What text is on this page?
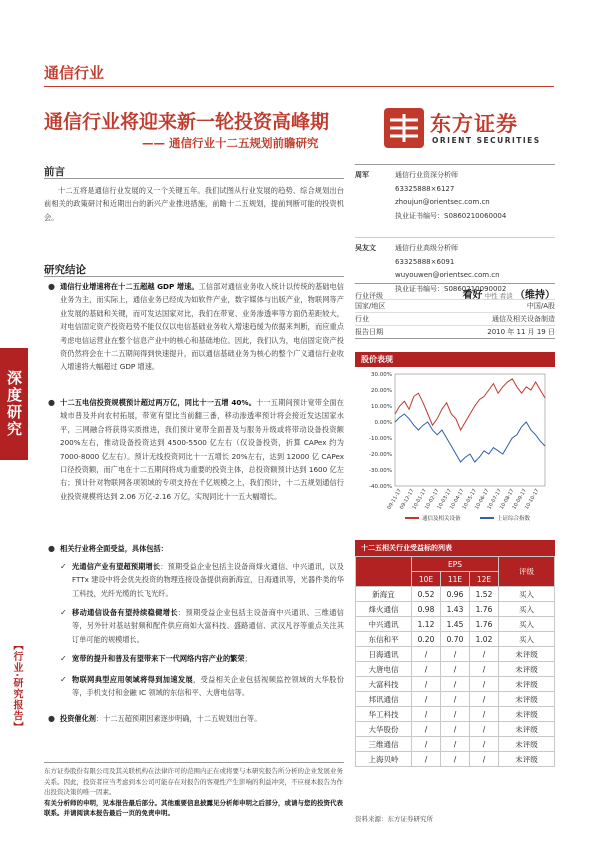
通信行业
通信行业将迎来新一轮投资高峰期
—— 通信行业十二五规划前瞻研究
东方证券
ORIENT SECURITIES
深度研究
【行业·研究报告】
前言
十二五将是通信行业发展的又一个关键五年。我们试图从行业发展的趋势、综合规划出台前相关的政策研讨和近期出台的新兴产业推进措施，前瞻十二五规划，提前判断可能的投资机会。
研究结论
● 通信行业增速将在十二五超越 GDP 增速。工信部对通信业务收入统计以传统的基础电信业务为主，而实际上，通信业务已经成为如软件产业，数字媒体与出版产业，物联网等产业发展的基础和关键，而可发达国家对比，我们在带宽、业务渗透率等方面仍差距较大，对电信固定资产投资趋势不能仅仅以电信基础业务收入增速趋缓为依据来判断，而应重点考虑电信运营业在整个信息产业中的核心和基础地位。因此，我们认为，电信固定资产投资仍然将会在十二五期间得到快速提升，而以通信基础业务为核心的整个广义通信行业收入增速将大幅超过 GDP 增速。
● 十二五电信投资规模预计超过两万亿，同比十一五增 40%。十一五期间预计宽带全面在城市普及并向农村拓展，带宽有望比当前翻三番，移动渗透率预计将会接近发达国家水平，三网融合将获得实质推进，我们预计宽带全面普及与服务升级或将带动设备投资额 200%左右，推动设备投资达到 4500-5500 亿左右（仅设备投资，折算 CAPex 约为 7000-8000 亿左右）。预计无线投资同比十一五增长 20%左右，达到 12000 亿 CAPex 口径投资额，而广电在十二五期间将成为重要的投资主体，总投资额预计达到 1600 亿左右；预计针对物联网各项领域的专项支持在千亿规模之上，我们预计，十二五规划通信行业投资规模将达到 2.06 万亿-2.16 万亿，实现同比十一五大幅增长。
● 相关行业将全面受益，具体包括：
✓ 光通信产业有望超预期增长：预期受益企业包括主设备商烽火通信、中兴通讯，以及 FTTx 建设中将会优先投资的物理连接设备提供商新海宜，日海通讯等，光器件类的华工科技，光纤光缆的长飞光纤。
✓ 移动通信设备有望持续稳健增长：预期受益企业包括主设备商中兴通讯、三维通信等，另外针对基站射频和配件供应商如大富科技、盛路通信、武汉凡谷等重点关注其订单可能的规模增长。
✓ 宽带的提升和普及有望带来下一代网络内容产业的繁荣；
✓ 物联网典型应用领域将得到加速发展，受益相关企业包括视频监控领域的大华股份等，手机支付和金融 IC 领域的东信和平、大唐电信等。
● 投资催化剂：十二五超预期因素逐步明确，十二五规划出台等。
周军	通信行业资深分析师
63325888×6127
zhoujun@orientsec.com.cn
执业证书编号：S0860210060004
吴友文	通信行业高级分析师
63325888×6091
wuyouwen@orientsec.com.cn
执业证书编号：S0860210090002
行业评级	看好 中性 看淡 （维持）
国家/地区	中国/A股
行业	通信及相关设备制造
报告日期	2010 年 11 月 19 日
股价表现
30.00%
20.00%
10.00%
0.00%
-10.00%
-20.00%
-30.00%
-40.00%
09-11-17
09-12-17
10-01-17
10-02-17
10-03-17
10-04-17
10-05-17
10-06-17
10-07-17
10-08-17
10-09-17
10-10-17
通信及相关设备	上证综合指数
十二五相关行业受益标的列表
	EPS			评级
	10E	11E	12E	
新海宜	0.52	0.96	1.52	买入
烽火通信	0.98	1.43	1.76	买入
中兴通讯	1.12	1.45	1.76	买入
东信和平	0.20	0.70	1.02	买入
日海通讯	/	/	/	未评级
大唐电信	/	/	/	未评级
大富科技	/	/	/	未评级
邦讯通信	/	/	/	未评级
华工科技	/	/	/	未评级
大华股份	/	/	/	未评级
三维通信	/	/	/	未评级
上海贝岭	/	/	/	未评级
资料来源：东方证券研究所
东方证券股份有限公司及其关联机构在法律许可的范围内正在或将要与本研究报告所分析的企业发展业务关系。因此，投资者应当考虑到本公司可能存在对报告的客观性产生影响的利益冲突，不应视本报告为作出投资决策的唯一因素。
有关分析师的申明，见本报告最后部分。其他重要信息披露见分析师申明之后部分，或请与您的投资代表联系。并请阅读本报告最后一页的免责申明。
